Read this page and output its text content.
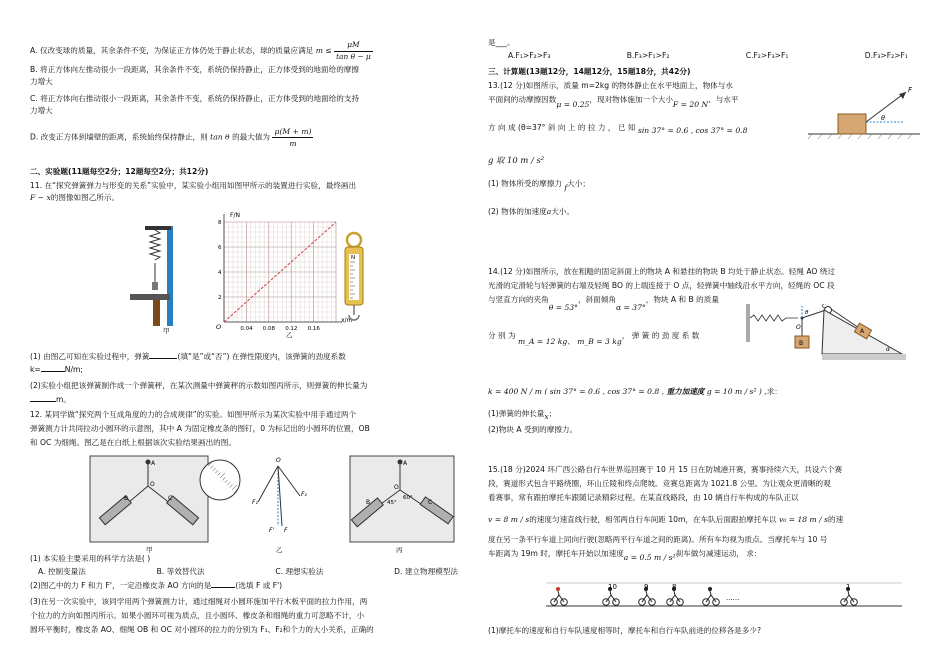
A. 仅改变球的质量，其余条件不变，为保证正方体仍处于静止状态，球的质量应满足 $m \le \frac{\mu M}{\text{tan θ − μ}}$

B. 将正方体向左推动很小一段距离，其余条件不变，系统仍保持静止，正方体受到的地面给的摩擦

力增大

C. 将正方体向右推动很小一段距离，其余条件不变，系统仍保持静止，正方体受到的地面给的支持

力增大

D. 改变正方体到墙壁的距离，系统始终保持静止，则 tan θ 的最大值为 $\frac{\mu(M + m)}{m}$

二、实验题(11题每空2分；12题每空2分；共12分)

11. 在“探究弹簧弹力与形变的关系”实验中，某实验小组用如图甲所示的装置进行实验，最终画出

F − x的图像如图乙所示。

甲	0.04 0.08 0.12 0.16
2
4
6
8
F/N
x/m
O
乙
N
(1) 由图乙可知在实验过程中，弹簧	(填“是”或“否”) 在弹性限度内，该弹簧的劲度系数
k=	N/m;

(2)实验小组把该弹簧制作成一个弹簧秤，在某次测量中弹簧秤的示数如图丙所示，则弹簧的伸长量为

m。

12. 某同学做“探究两个互成角度的力的合成规律”的实验。如图甲所示为某次实验中用手通过两个

弹簧测力计共同拉动小圆环的示意图，其中 A 为固定橡皮条的图钉，0 为标记出的小圆环的位置，OB

和 OC 为细绳。图乙是在白纸上根据该次实验结果画出的图。

A
O
B	C
甲
O
F₁
F₂
F' F
乙
A
O
60°
45°
B	C
丙

(1) 本实验主要采用的科学方法是( )

A. 控制变量法	B. 等效替代法	C. 理想实验法	D. 建立物理模型法
(2)图乙中的力 F 和力 F'，一定沿橡皮条 AO 方向的是	(选填 F 或 F')

(3)在另一次实验中，该同学用两个弹簧测力计，通过细绳对小圆环施加平行木板平面的拉力作用，两

个拉力的方向如图丙所示。如果小圆环可视为质点，且小圆环、橡皮条和细绳的重力可忽略不计，小

圆环平衡时，橡皮条 AO、细绳 OB 和 OC 对小圆环的拉力的分别为 F₁、F₂和个力的大小关系，正确的

是___。

A.F₁>F₂>F₃	B.F₃>F₁>F₂	C.F₂>F₃>F₁	D.F₃>F₂>F₁

三、计算题(13题12分，14题12分，15题18分，共42分)

13.(12 分)如图所示，质量 m=2kg 的物体静止在水平地面上，物体与水

平面间的动摩擦因数μ = 0.25，现对物体施加一个大小F = 20 N、与水平
方 向 成 (θ=37° 斜 向 上 的 拉 力 ， 已 知 sin 37° = 0.6 , cos 37° = 0.8

g 取 10 m / s²

(1) 物体所受的摩擦力 f大小；
(2) 物体的加速度a大小。
F
θ

14.(12 分)如图所示，放在粗糙的固定斜面上的物块 A 和悬挂的物块 B 均处于静止状态。轻绳 AO 绕过

光滑的定滑轮与轻弹簧的右端及轻绳 BO 的上端连接于 O 点，轻弹簧中轴线沿水平方向，轻绳的 OC 段

与竖直方向的夹角θ = 53°，斜面倾角α = 37°，物块 A 和 B 的质量
分 别 为 m_A = 12 kg、 m_B = 3 kg， 弹 簧 的 劲 度 系 数
k = 400 N / m ( sin 37° = 0.6 , cos 37° = 0.8 , 重力加速度 g = 10 m / s² ) ,求：
(1)弹簧的伸长量x；

(2)物块 A 受到的摩擦力。

O
θ
C
A
B
α

15.(18 分)2024 环广西公路自行车世界巡回赛于 10 月 15 日在防城港开赛，赛事持续六天，共设六个赛

段，赛道形式包含平路绕圈，环山丘陵和终点爬坡。竞赛总距离为 1021.8 公里。为让观众更清晰的观

看赛事，常有跟拍摩托车跟随记录精彩过程。在某直线路段，由 10 辆自行车构成的车队正以

v = 8 m / s的速度匀速直线行驶，相邻两自行车间距 10m，在车队后面跟拍摩托车以 v₀ = 18 m / s的速

度在另一条平行车道上同向行驶(忽略两平行车道之间的距离)。所有车均视为质点。当摩托车与 10 号

车距离为 19m 时，摩托车开始以加速度a = 0.5 m / s²刹车做匀减速运动， 求：
10	9	8
......
1

(1)摩托车的速度和自行车队速度相等时，摩托车和自行车队前进的位移各是多少?
